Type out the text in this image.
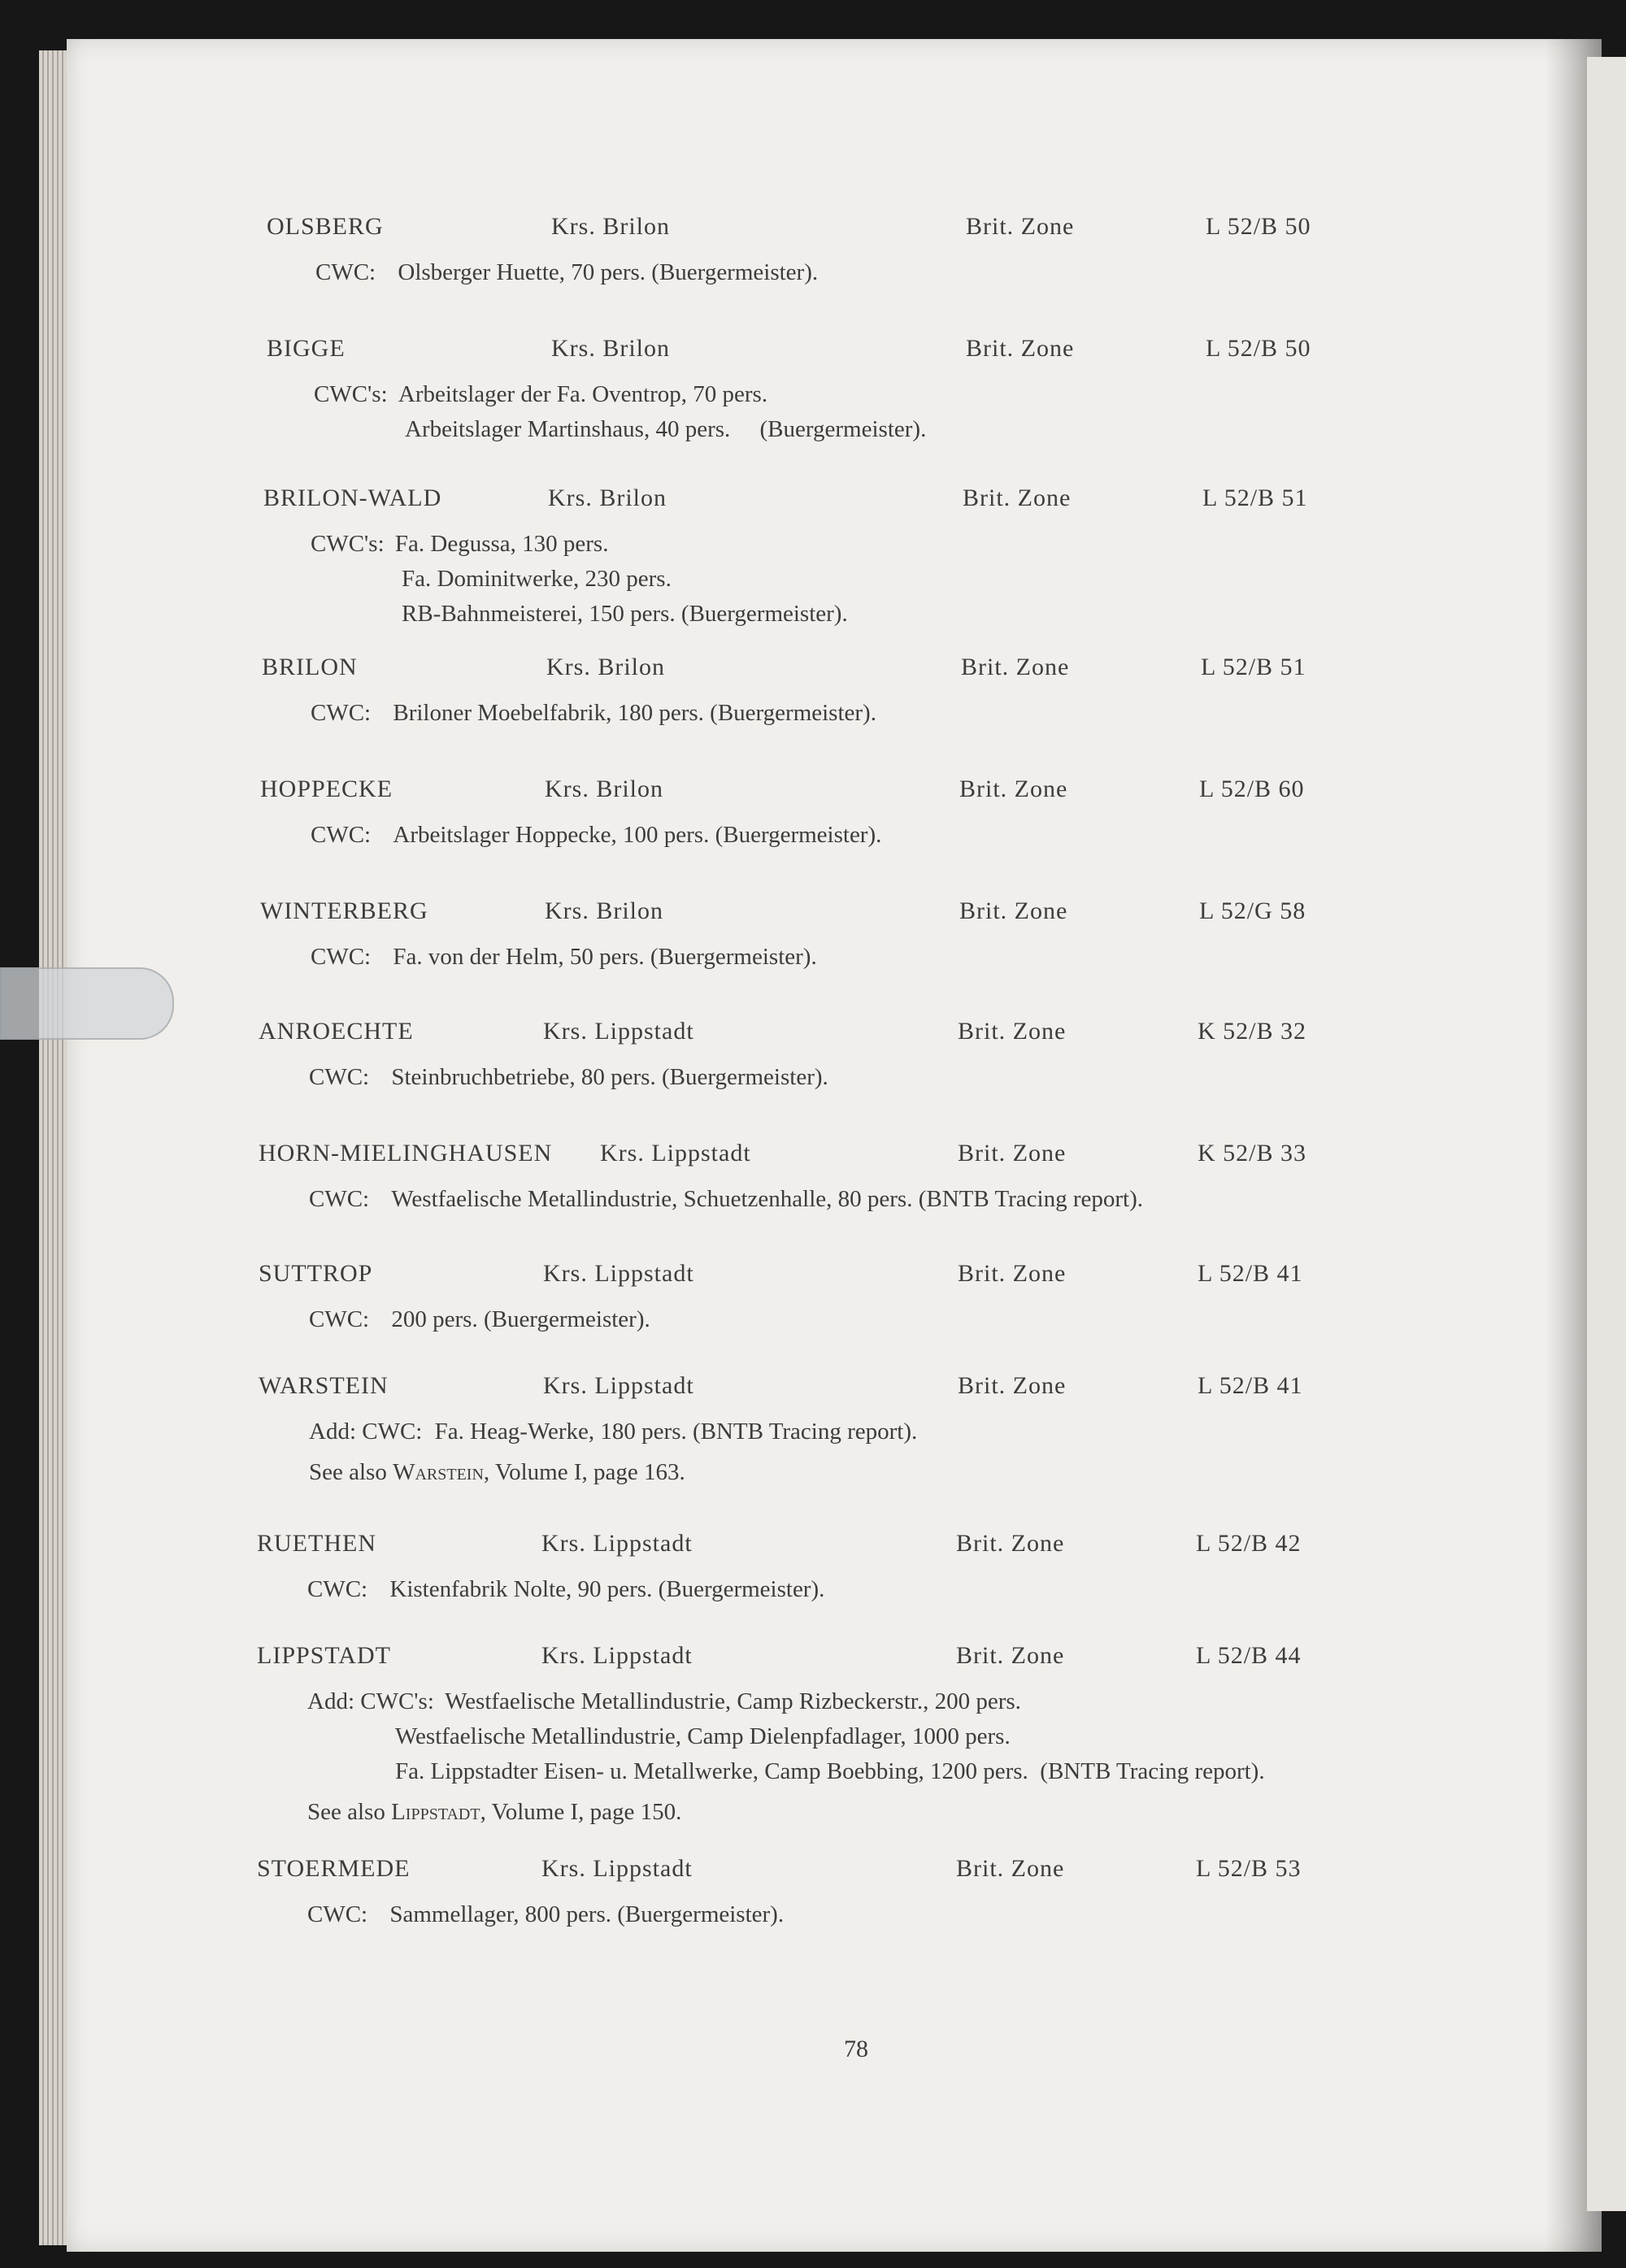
OLSBERG	Krs. Brilon	Brit. Zone	L 52/B 50
CWC: Olsberger Huette, 70 pers. (Buergermeister).
BIGGE	Krs. Brilon	Brit. Zone	L 52/B 50
CWC's: Arbeitslager der Fa. Oventrop, 70 pers.
Arbeitslager Martinshaus, 40 pers.     (Buergermeister).
BRILON-WALD	Krs. Brilon	Brit. Zone	L 52/B 51
CWC's: Fa. Degussa, 130 pers.
Fa. Dominitwerke, 230 pers.
RB-Bahnmeisterei, 150 pers. (Buergermeister).
BRILON	Krs. Brilon	Brit. Zone	L 52/B 51
CWC: Briloner Moebelfabrik, 180 pers. (Buergermeister).
HOPPECKE	Krs. Brilon	Brit. Zone	L 52/B 60
CWC: Arbeitslager Hoppecke, 100 pers. (Buergermeister).
WINTERBERG	Krs. Brilon	Brit. Zone	L 52/G 58
CWC: Fa. von der Helm, 50 pers. (Buergermeister).
ANROECHTE	Krs. Lippstadt	Brit. Zone	K 52/B 32
CWC: Steinbruchbetriebe, 80 pers. (Buergermeister).
HORN-MIELINGHAUSEN Krs. Lippstadt	Brit. Zone	K 52/B 33
CWC: Westfaelische Metallindustrie, Schuetzenhalle, 80 pers. (BNTB Tracing report).
SUTTROP	Krs. Lippstadt	Brit. Zone	L 52/B 41
CWC: 200 pers. (Buergermeister).
WARSTEIN	Krs. Lippstadt	Brit. Zone	L 52/B 41
Add: CWC: Fa. Heag-Werke, 180 pers. (BNTB Tracing report).
See also Warstein, Volume I, page 163.
RUETHEN	Krs. Lippstadt	Brit. Zone	L 52/B 42
CWC: Kistenfabrik Nolte, 90 pers. (Buergermeister).
LIPPSTADT	Krs. Lippstadt	Brit. Zone	L 52/B 44
Add: CWC's: Westfaelische Metallindustrie, Camp Rizbeckerstr., 200 pers.
Westfaelische Metallindustrie, Camp Dielenpfadlager, 1000 pers.
Fa. Lippstadter Eisen- u. Metallwerke, Camp Boebbing, 1200 pers.  (BNTB Tracing report).
See also Lippstadt, Volume I, page 150.
STOERMEDE	Krs. Lippstadt	Brit. Zone	L 52/B 53
CWC: Sammellager, 800 pers. (Buergermeister).
78
